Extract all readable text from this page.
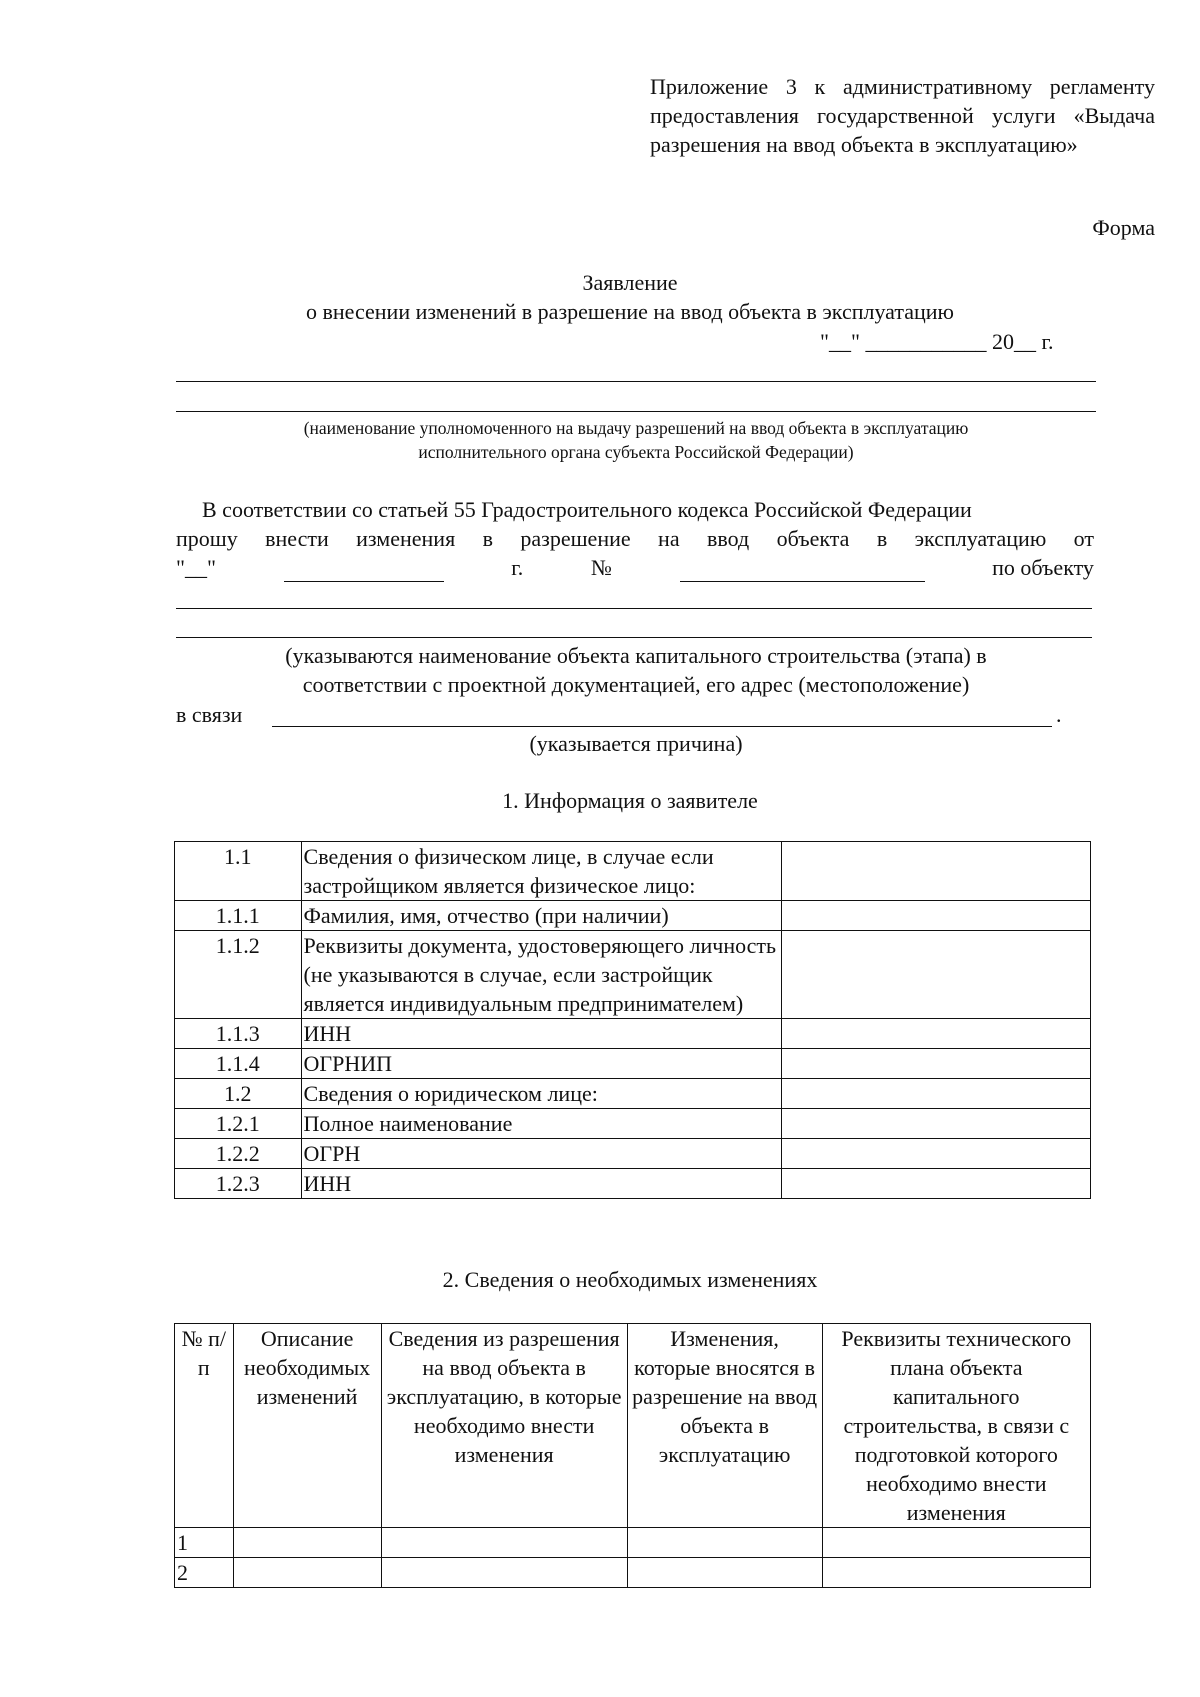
Приложение 3 к административному регламенту предоставления государственной услуги «Выдача разрешения на ввод объекта в эксплуатацию»
Форма
Заявление
о внесении изменений в разрешение на ввод объекта в эксплуатацию
"__" ___________ 20__ г.
(наименование уполномоченного на выдачу разрешений на ввод объекта в эксплуатацию
исполнительного органа субъекта Российской Федерации)
В соответствии со статьей 55 Градостроительного кодекса Российской Федерации
прошу внести изменения в разрешение на ввод объекта в эксплуатацию от
"__"	г.	№	по объекту
(указываются наименование объекта капитального строительства (этапа) в
соответствии с проектной документацией, его адрес (местоположение)
в связи	.
(указывается причина)
1. Информация о заявителе
1.1	Сведения о физическом лице, в случае если застройщиком является физическое лицо:	
1.1.1	Фамилия, имя, отчество (при наличии)	
1.1.2	Реквизиты документа, удостоверяющего личность (не указываются в случае, если застройщик является индивидуальным предпринимателем)	
1.1.3	ИНН	
1.1.4	ОГРНИП	
1.2	Сведения о юридическом лице:	
1.2.1	Полное наименование	
1.2.2	ОГРН	
1.2.3	ИНН	
2. Сведения о необходимых изменениях
№ п/п	Описание необходимых изменений	Сведения из разрешения на ввод объекта в эксплуатацию, в которые необходимо внести изменения	Изменения, которые вносятся в разрешение на ввод объекта в эксплуатацию	Реквизиты технического плана объекта капитального строительства, в связи с подготовкой которого необходимо внести изменения
1				
2				
